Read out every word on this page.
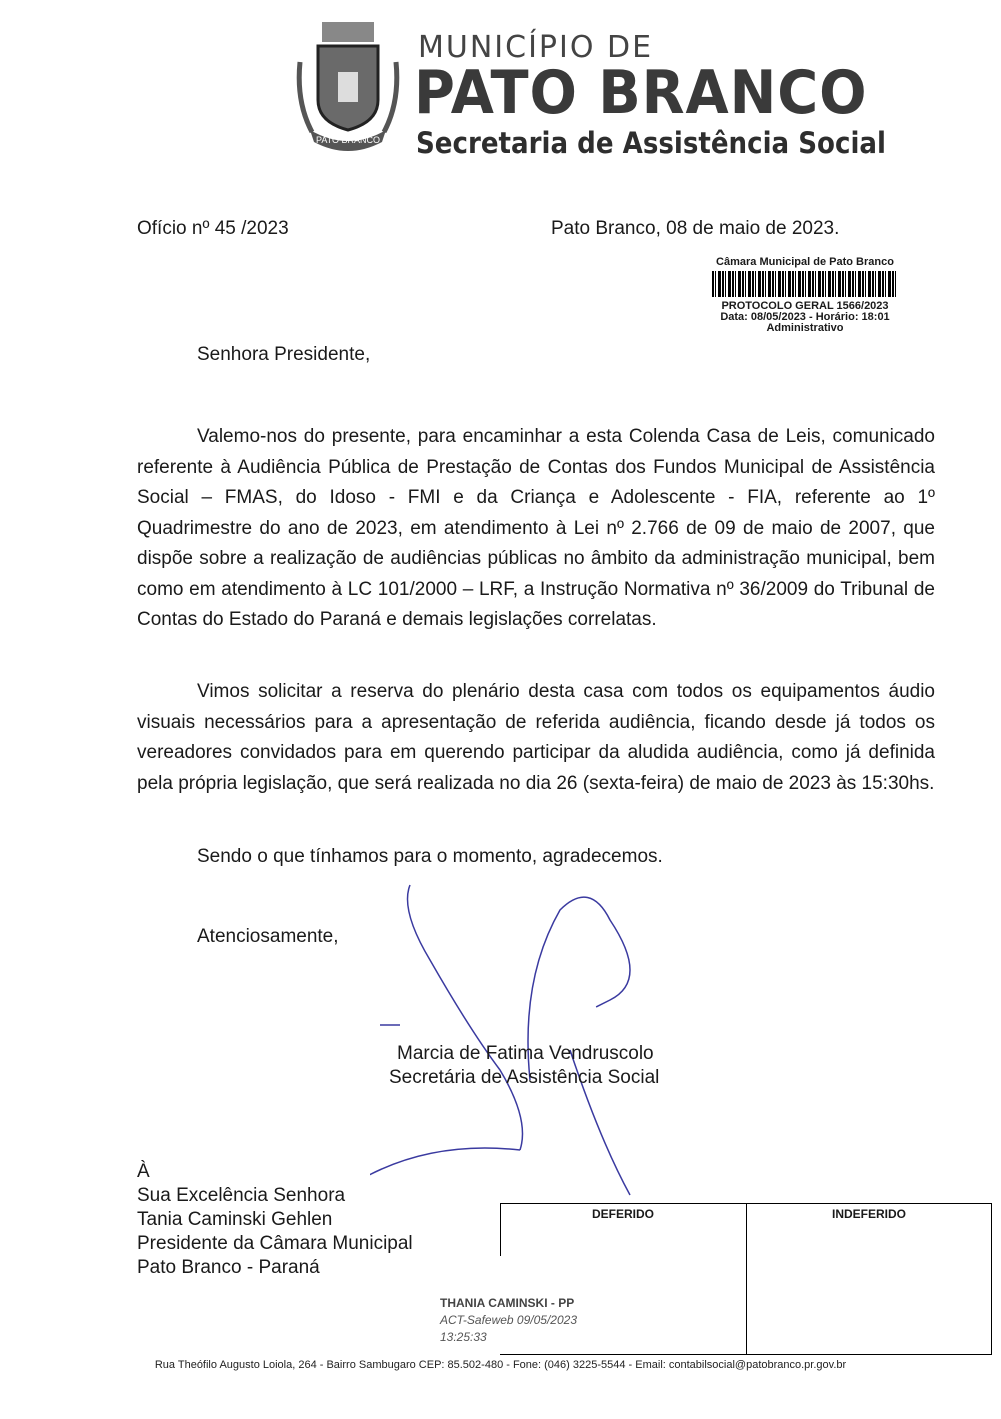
PATO BRANCO
MUNICÍPIO DE
PATO BRANCO
Secretaria de Assistência Social
Ofício nº 45 /2023	Pato Branco, 08 de maio de 2023.
Câmara Municipal de Pato Branco
PROTOCOLO GERAL 1566/2023
Data: 08/05/2023 - Horário: 18:01
Administrativo
Senhora Presidente,
Valemo-nos do presente, para encaminhar a esta Colenda Casa de Leis, comunicado referente à Audiência Pública de Prestação de Contas dos Fundos Municipal de Assistência Social – FMAS, do Idoso - FMI e da Criança e Adolescente - FIA, referente ao 1º Quadrimestre do ano de 2023, em atendimento à Lei nº 2.766 de 09 de maio de 2007, que dispõe sobre a realização de audiências públicas no âmbito da administração municipal, bem como em atendimento à LC 101/2000 – LRF, a Instrução Normativa nº 36/2009 do Tribunal de Contas do Estado do Paraná e demais legislações correlatas.
Vimos solicitar a reserva do plenário desta casa com todos os equipamentos áudio visuais necessários para a apresentação de referida audiência, ficando desde já todos os vereadores convidados para em querendo participar da aludida audiência, como já definida pela própria legislação, que será realizada no dia 26 (sexta-feira) de maio de 2023 às 15:30hs.
Sendo o que tínhamos para o momento, agradecemos.
Atenciosamente,
Marcia de Fatima Vendruscolo
Secretária de Assistência Social
À
Sua Excelência Senhora
Tania Caminski Gehlen
Presidente da Câmara Municipal
Pato Branco - Paraná
DEFERIDO	INDEFERIDO
THANIA CAMINSKI - PP
ACT-Safeweb 09/05/2023
13:25:33
Rua Theófilo Augusto Loiola, 264 - Bairro Sambugaro CEP: 85.502-480 - Fone: (046) 3225-5544 - Email: contabilsocial@patobranco.pr.gov.br
